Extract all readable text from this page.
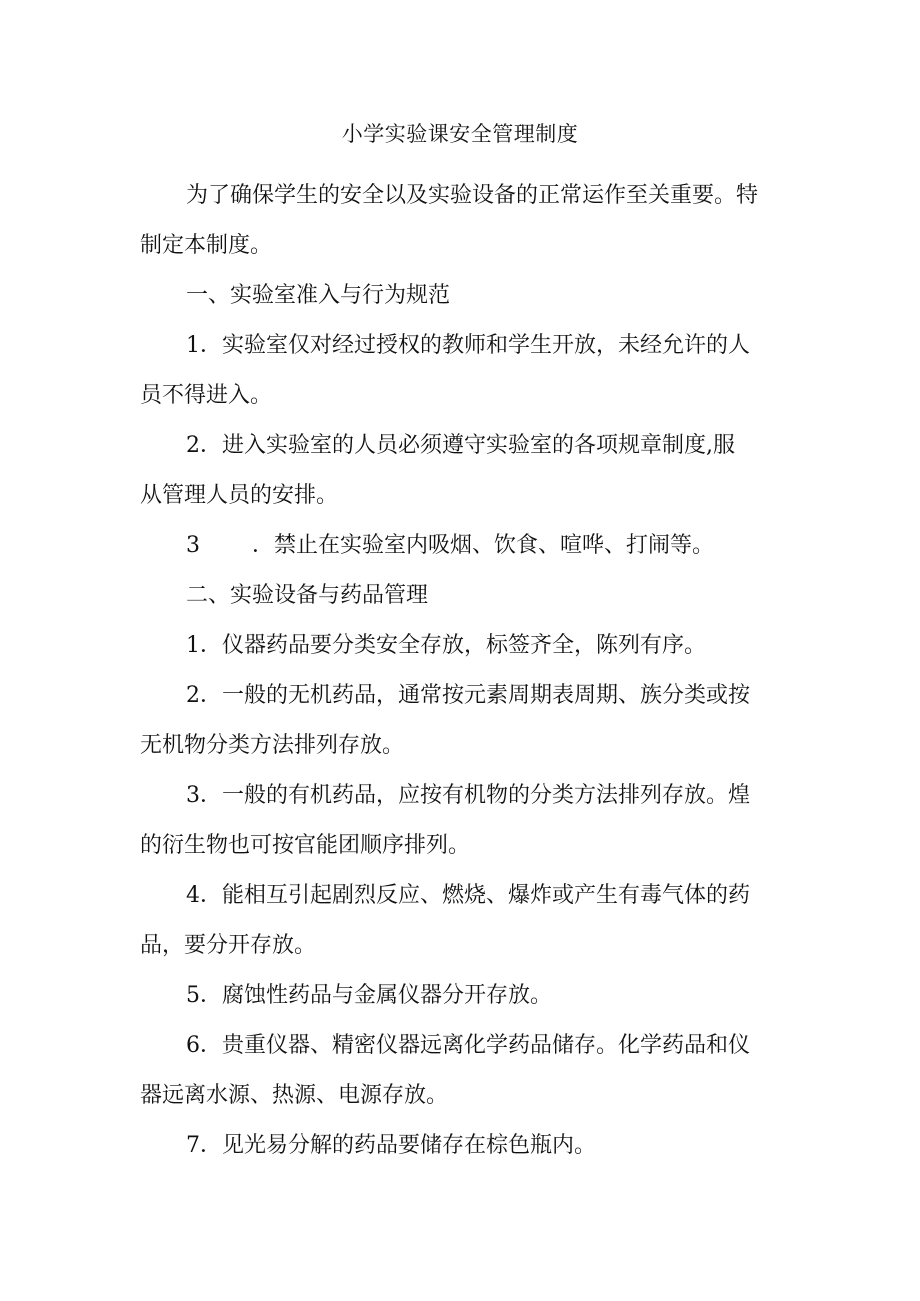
小学实验课安全管理制度

为了确保学生的安全以及实验设备的正常运作至关重要。特
制定本制度。

一、实验室准入与行为规范

1．实验室仅对经过授权的教师和学生开放，未经允许的人
员不得进入。

2．进入实验室的人员必须遵守实验室的各项规章制度,服
从管理人员的安排。

3 ．禁止在实验室内吸烟、饮食、喧哗、打闹等。

二、实验设备与药品管理

1．仪器药品要分类安全存放，标签齐全，陈列有序。

2．一般的无机药品，通常按元素周期表周期、族分类或按
无机物分类方法排列存放。

3．一般的有机药品，应按有机物的分类方法排列存放。煌
的衍生物也可按官能团顺序排列。

4．能相互引起剧烈反应、燃烧、爆炸或产生有毒气体的药
品，要分开存放。

5．腐蚀性药品与金属仪器分开存放。

6．贵重仪器、精密仪器远离化学药品储存。化学药品和仪
器远离水源、热源、电源存放。

7．见光易分解的药品要储存在棕色瓶内。
